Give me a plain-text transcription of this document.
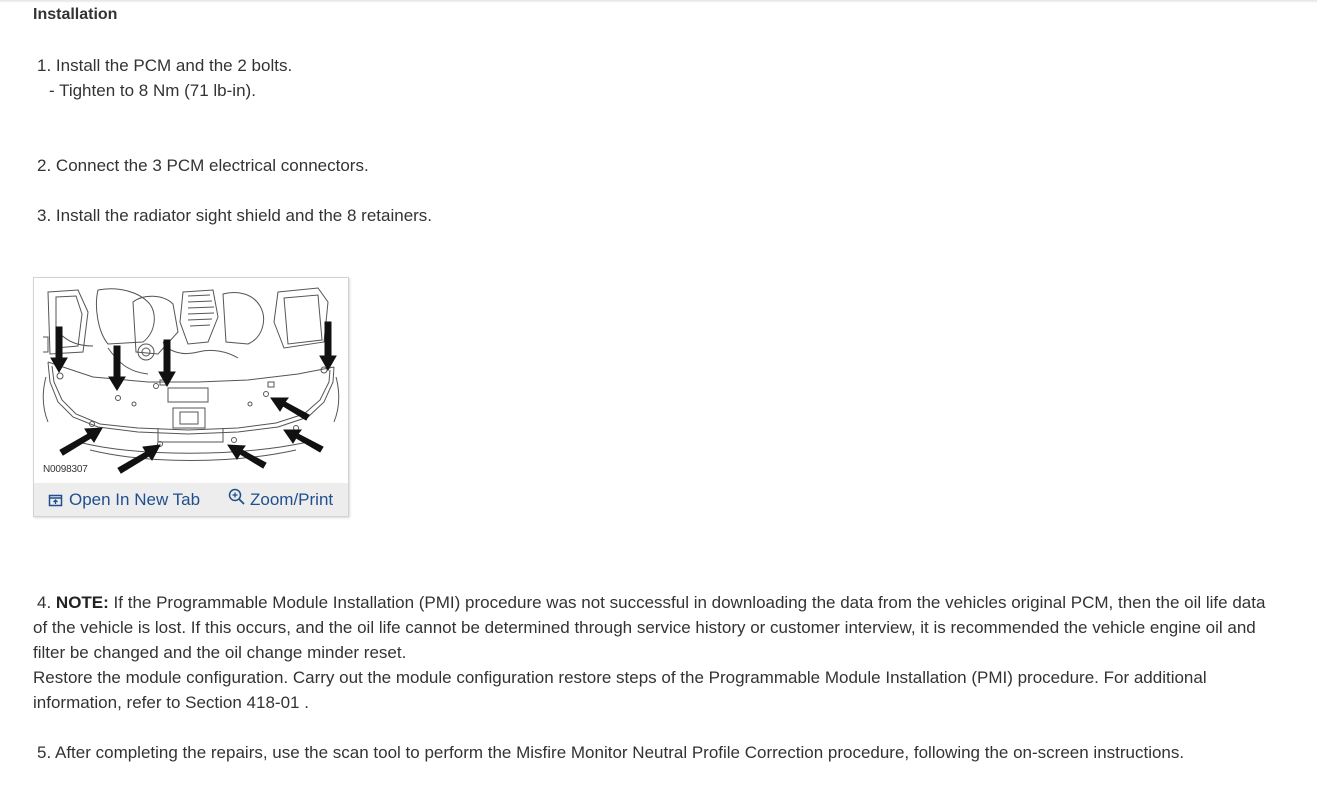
Installation
1. Install the PCM and the 2 bolts.
- Tighten to 8 Nm (71 lb-in).
2. Connect the 3 PCM electrical connectors.
3. Install the radiator sight shield and the 8 retainers.
N0098307
Open In New Tab	Zoom/Print
4. NOTE: If the Programmable Module Installation (PMI) procedure was not successful in downloading the data from the vehicles original PCM, then the oil life data of the vehicle is lost. If this occurs, and the oil life cannot be determined through service history or customer interview, it is recommended the vehicle engine oil and filter be changed and the oil change minder reset.
Restore the module configuration. Carry out the module configuration restore steps of the Programmable Module Installation (PMI) procedure. For additional information, refer to Section 418-01 .
5. After completing the repairs, use the scan tool to perform the Misfire Monitor Neutral Profile Correction procedure, following the on-screen instructions.
